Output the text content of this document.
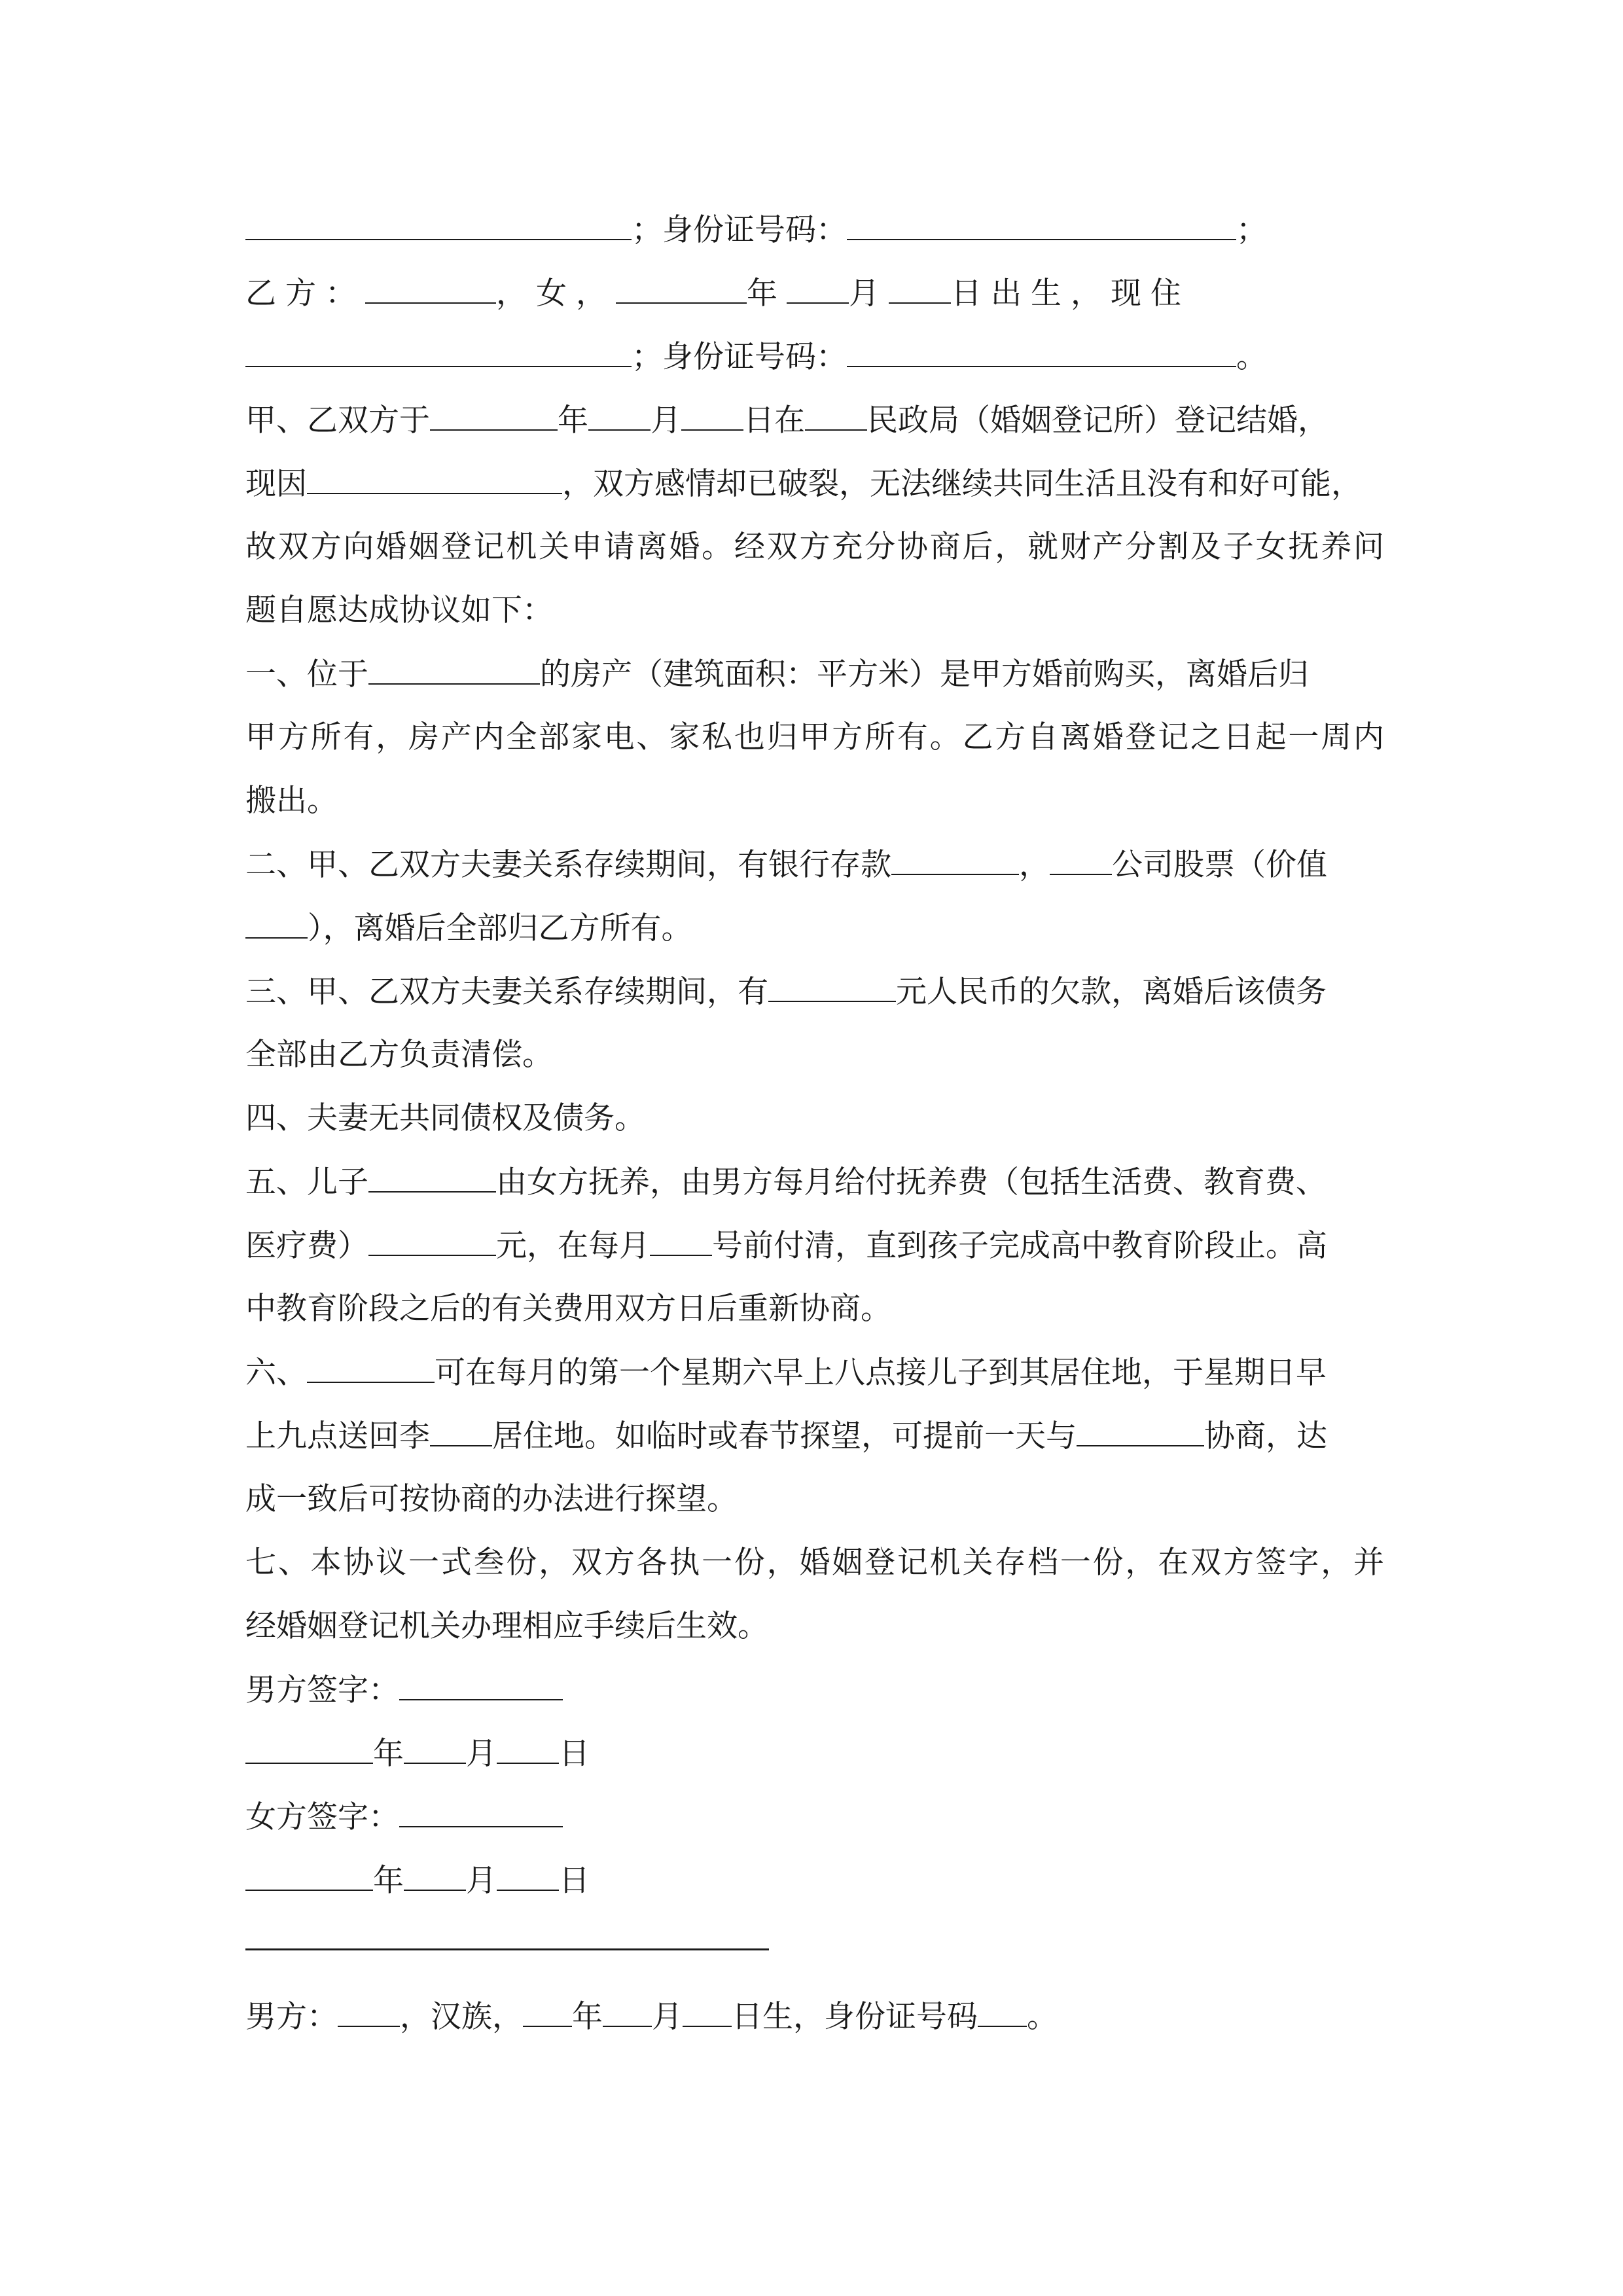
；身份证号码：	；
乙方：	，女，	年 月 日出生，现住
；身份证号码：	。
甲、乙双方于	年 月 日在 民政局（婚姻登记所）登记结婚，
现因	，双方感情却已破裂，无法继续共同生活且没有和好可能，
故双方向婚姻登记机关申请离婚。经双方充分协商后，就财产分割及子女抚养问
题自愿达成协议如下：
一、位于	的房产（建筑面积：平方米）是甲方婚前购买，离婚后归
甲方所有，房产内全部家电、家私也归甲方所有。乙方自离婚登记之日起一周内
搬出。
二、甲、乙双方夫妻关系存续期间，有银行存款	， 公司股票（价值
），离婚后全部归乙方所有。
三、甲、乙双方夫妻关系存续期间，有	元人民币的欠款，离婚后该债务
全部由乙方负责清偿。
四、夫妻无共同债权及债务。
五、儿子	由女方抚养，由男方每月给付抚养费（包括生活费、教育费、
医疗费）	元，在每月 号前付清，直到孩子完成高中教育阶段止。高
中教育阶段之后的有关费用双方日后重新协商。
六、	可在每月的第一个星期六早上八点接儿子到其居住地，于星期日早
上九点送回李 居住地。如临时或春节探望，可提前一天与	协商，达
成一致后可按协商的办法进行探望。
七、本协议一式叁份，双方各执一份，婚姻登记机关存档一份，在双方签字，并
经婚姻登记机关办理相应手续后生效。
男方签字：
年 月 日
女方签字：
年 月 日
男方： ，汉族， 年 月 日生，身份证号码 。
